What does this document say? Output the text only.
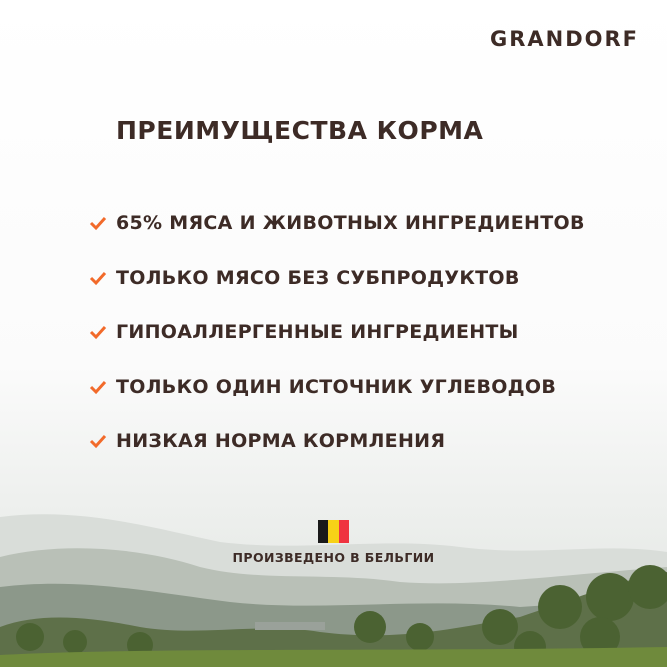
GRANDORF
ПРЕИМУЩЕСТВА КОРМА
65% МЯСА И ЖИВОТНЫХ ИНГРЕДИЕНТОВ
ТОЛЬКО МЯСО БЕЗ СУБПРОДУКТОВ
ГИПОАЛЛЕРГЕННЫЕ ИНГРЕДИЕНТЫ
ТОЛЬКО ОДИН ИСТОЧНИК УГЛЕВОДОВ
НИЗКАЯ НОРМА КОРМЛЕНИЯ
ПРОИЗВЕДЕНО В БЕЛЬГИИ
